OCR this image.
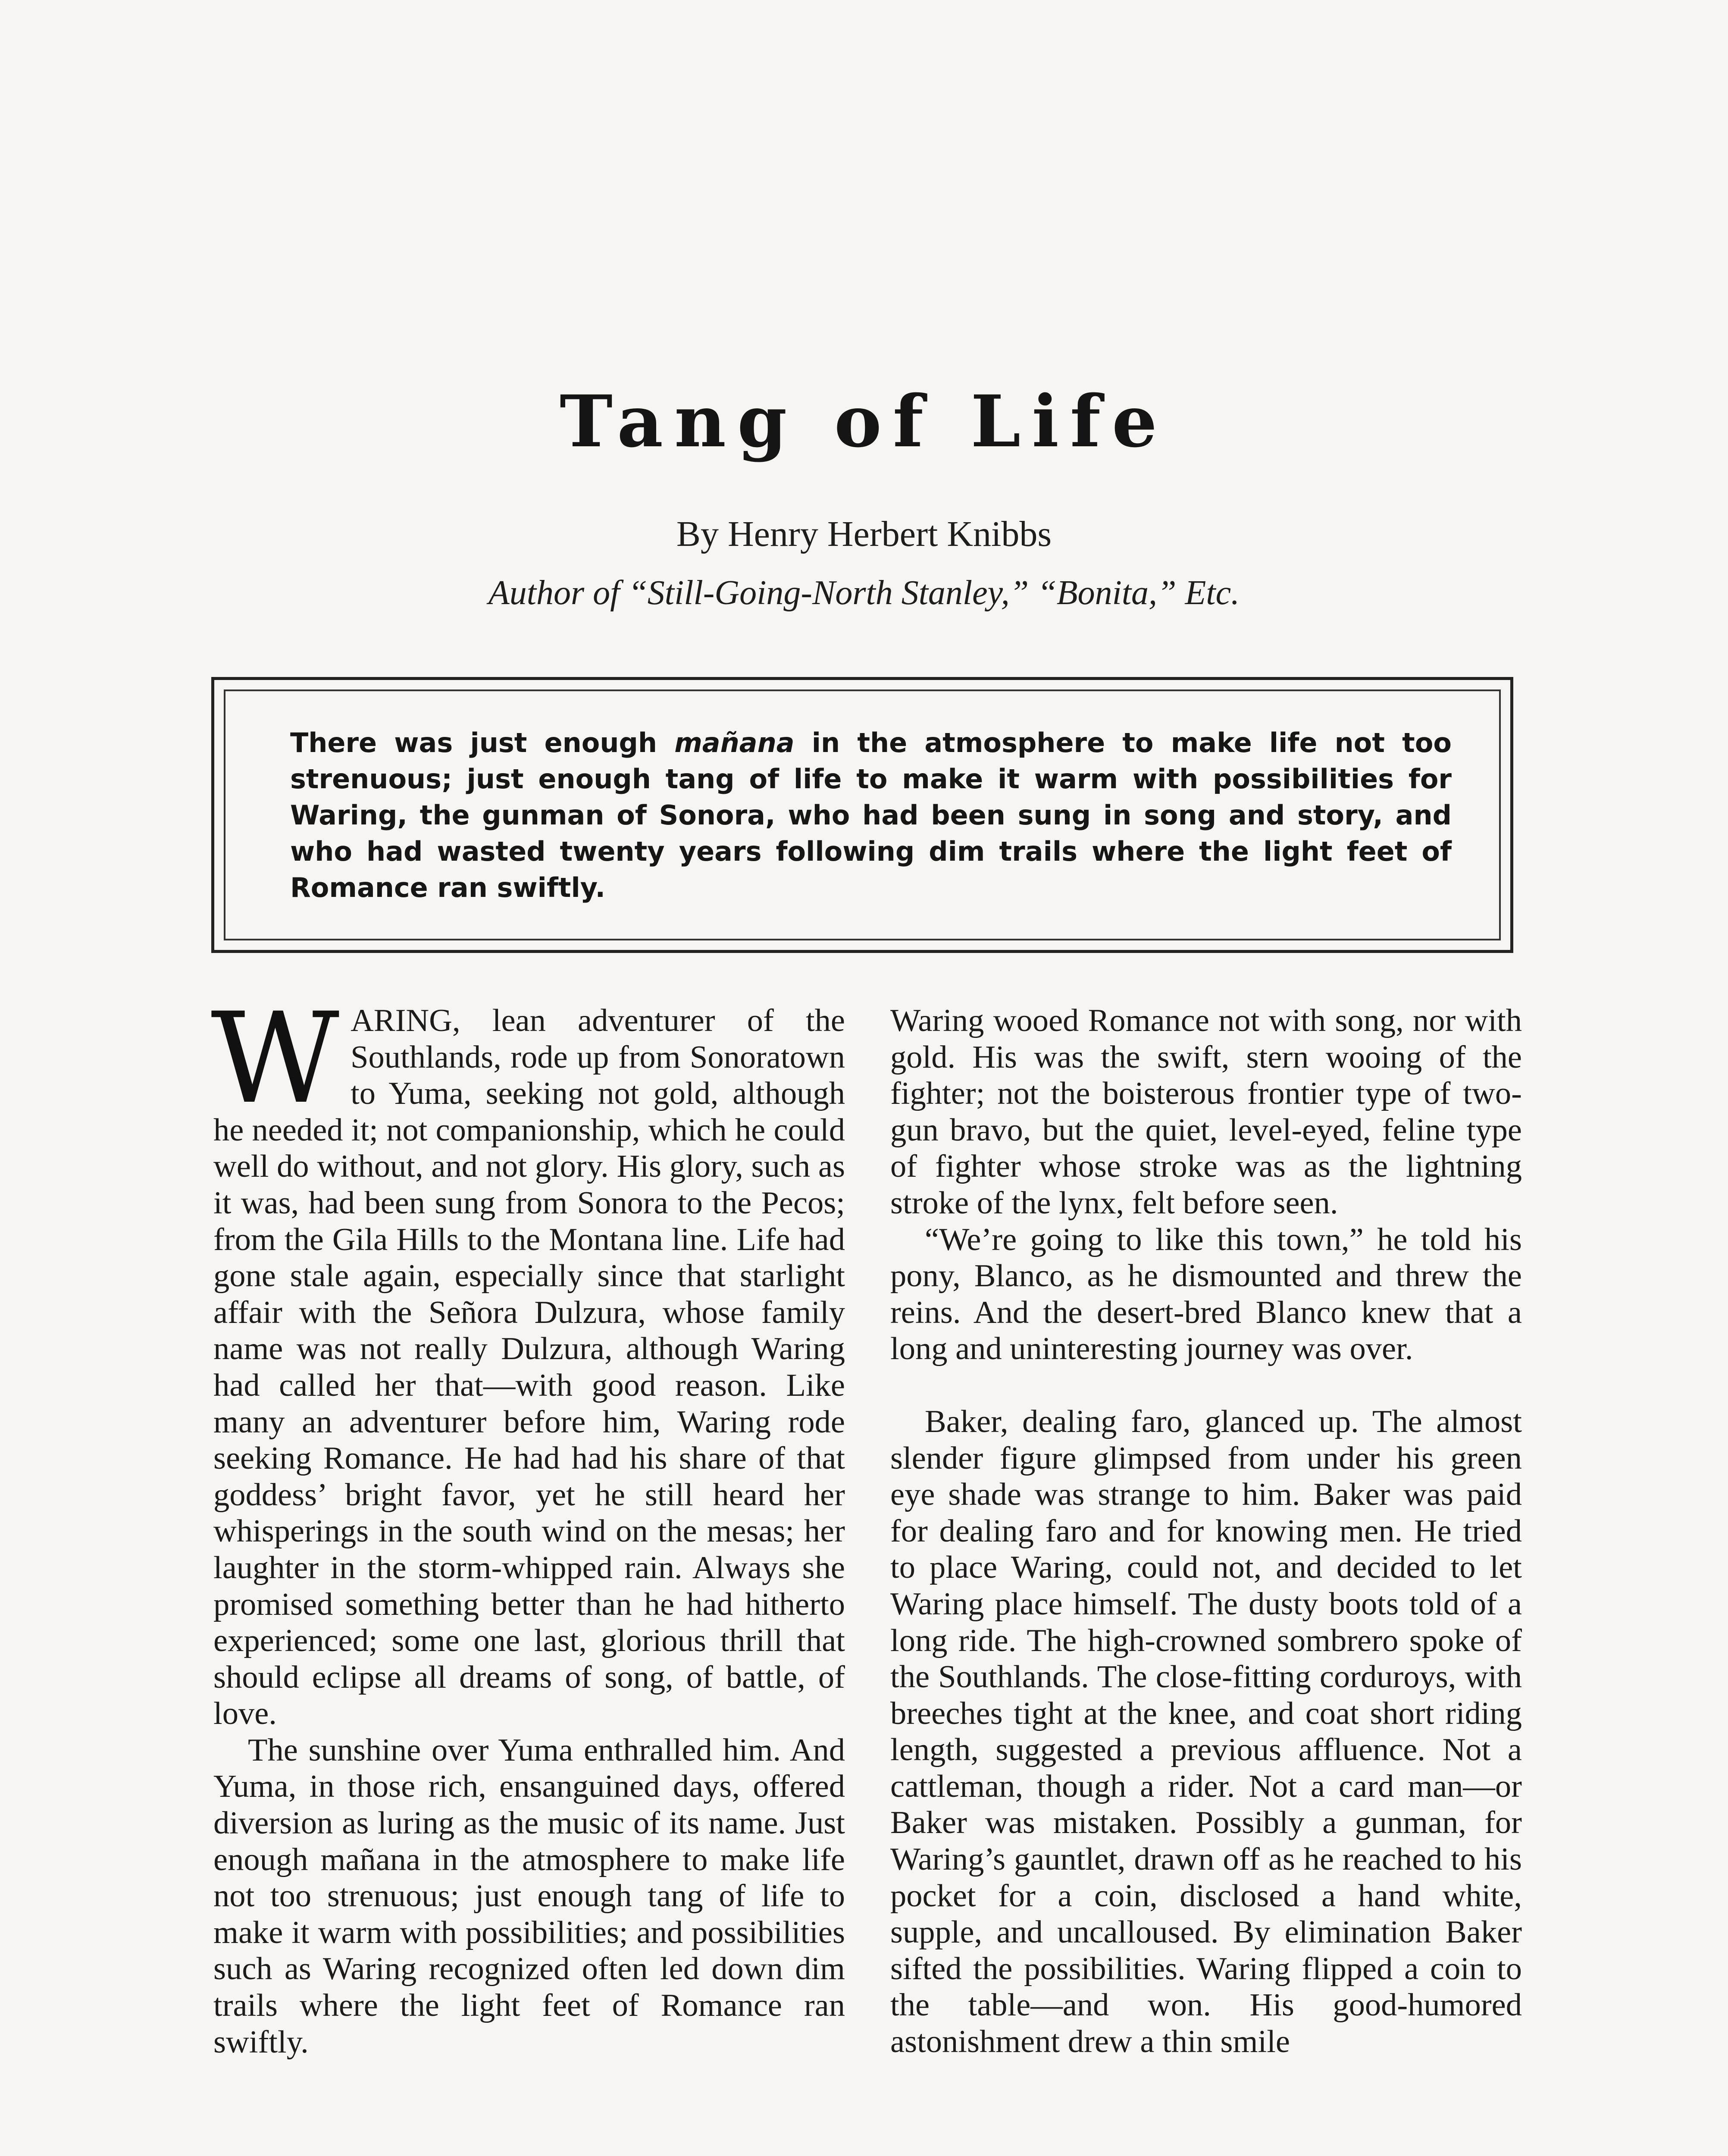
Tang of Life
By Henry Herbert Knibbs
Author of “Still-Going-North Stanley,” “Bonita,” Etc.

There was just enough mañana in the atmosphere to make life not too strenuous; just enough tang of life to make it warm with possibilities for Waring, the gunman of Sonora, who had been sung in song and story, and who had wasted twenty years following dim trails where the light feet of Romance ran swiftly.

WARING, lean adventurer of the Southlands, rode up from Sonoratown to Yuma, seeking not gold, although he needed it; not companionship, which he could well do without, and not glory. His glory, such as it was, had been sung from Sonora to the Pecos; from the Gila Hills to the Montana line. Life had gone stale again, especially since that starlight affair with the Señora Dulzura, whose family name was not really Dulzura, although Waring had called her that—with good reason. Like many an adventurer before him, Waring rode seeking Romance. He had had his share of that goddess’ bright favor, yet he still heard her whisperings in the south wind on the mesas; her laughter in the storm-whipped rain. Always she promised something better than he had hitherto experienced; some one last, glorious thrill that should eclipse all dreams of song, of battle, of love.

The sunshine over Yuma enthralled him. And Yuma, in those rich, ensanguined days, offered diversion as luring as the music of its name. Just enough mañana in the atmosphere to make life not too strenuous; just enough tang of life to make it warm with possibilities; and possibilities such as Waring recognized often led down dim trails where the light feet of Romance ran swiftly.

Waring wooed Romance not with song, nor with gold. His was the swift, stern wooing of the fighter; not the boisterous frontier type of two-gun bravo, but the quiet, level-eyed, feline type of fighter whose stroke was as the lightning stroke of the lynx, felt before seen.

“We’re going to like this town,” he told his pony, Blanco, as he dismounted and threw the reins. And the desert-bred Blanco knew that a long and uninteresting journey was over.

Baker, dealing faro, glanced up. The almost slender figure glimpsed from under his green eye shade was strange to him. Baker was paid for dealing faro and for knowing men. He tried to place Waring, could not, and decided to let Waring place himself. The dusty boots told of a long ride. The high-crowned sombrero spoke of the Southlands. The close-fitting corduroys, with breeches tight at the knee, and coat short riding length, suggested a previous affluence. Not a cattleman, though a rider. Not a card man—or Baker was mistaken. Possibly a gunman, for Waring’s gauntlet, drawn off as he reached to his pocket for a coin, disclosed a hand white, supple, and uncalloused. By elimination Baker sifted the possibilities. Waring flipped a coin to the table—and won. His good-humored astonishment drew a thin smile
